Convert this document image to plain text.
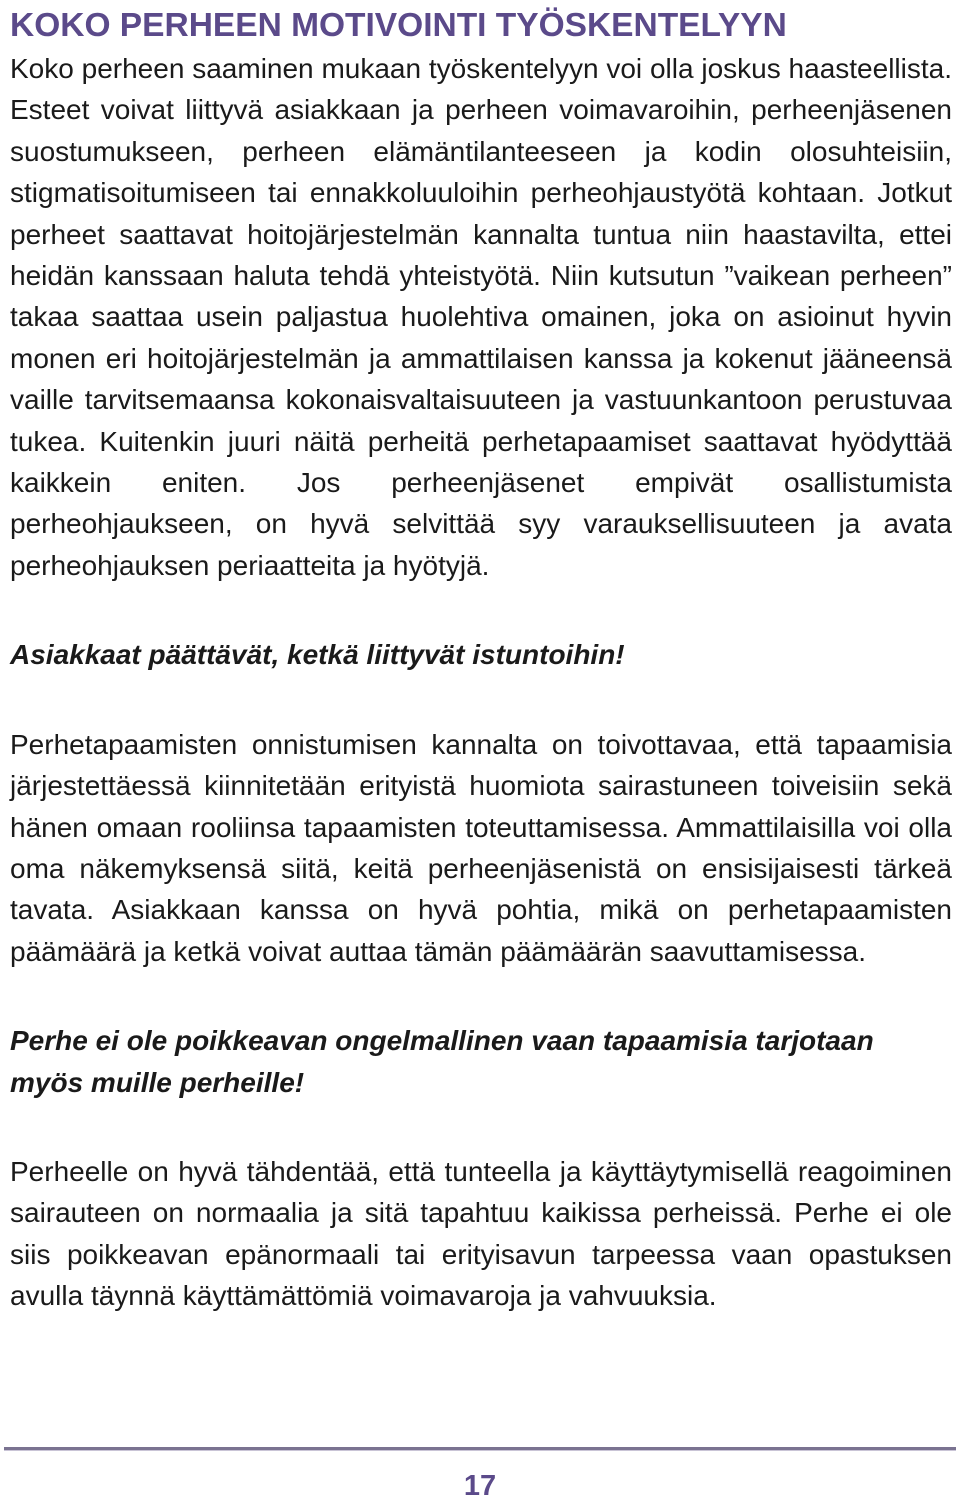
KOKO PERHEEN MOTIVOINTI TYÖSKENTELYYN

Koko perheen saaminen mukaan työskentelyyn voi olla joskus haasteellista. Esteet voivat liittyvä asiakkaan ja perheen voimavaroihin, perheenjäsenen suostumukseen, perheen elämäntilanteeseen ja kodin olosuhteisiin, stigmatisoitumiseen tai ennakkoluuloihin perheohjaustyötä kohtaan. Jotkut perheet saattavat hoitojärjestelmän kannalta tuntua niin haastavilta, ettei heidän kanssaan haluta tehdä yhteistyötä. Niin kutsutun ”vaikean perheen” takaa saattaa usein paljastua huolehtiva omainen, joka on asioinut hyvin monen eri hoitojärjestelmän ja ammattilaisen kanssa ja kokenut jääneensä vaille tarvitsemaansa kokonaisvaltaisuuteen ja vastuunkantoon perustuvaa tukea. Kuitenkin juuri näitä perheitä perhetapaamiset saattavat hyödyttää kaikkein eniten. Jos perheenjäsenet empivät osallistumista perheohjaukseen, on hyvä selvittää syy varauksellisuuteen ja avata perheohjauksen periaatteita ja hyötyjä.

Asiakkaat päättävät, ketkä liittyvät istuntoihin!

Perhetapaamisten onnistumisen kannalta on toivottavaa, että tapaamisia järjestettäessä kiinnitetään erityistä huomiota sairastuneen toiveisiin sekä hänen omaan rooliinsa tapaamisten toteuttamisessa. Ammattilaisilla voi olla oma näkemyksensä siitä, keitä perheenjäsenistä on ensisijaisesti tärkeä tavata. Asiakkaan kanssa on hyvä pohtia, mikä on perhetapaamisten päämäärä ja ketkä voivat auttaa tämän päämäärän saavuttamisessa.

Perhe ei ole poikkeavan ongelmallinen vaan tapaamisia tarjotaan myös muille perheille!

Perheelle on hyvä tähdentää, että tunteella ja käyttäytymisellä reagoiminen sairauteen on normaalia ja sitä tapahtuu kaikissa perheissä. Perhe ei ole siis poikkeavan epänormaali tai erityisavun tarpeessa vaan opastuksen avulla täynnä käyttämättömiä voimavaroja ja vahvuuksia.

17
